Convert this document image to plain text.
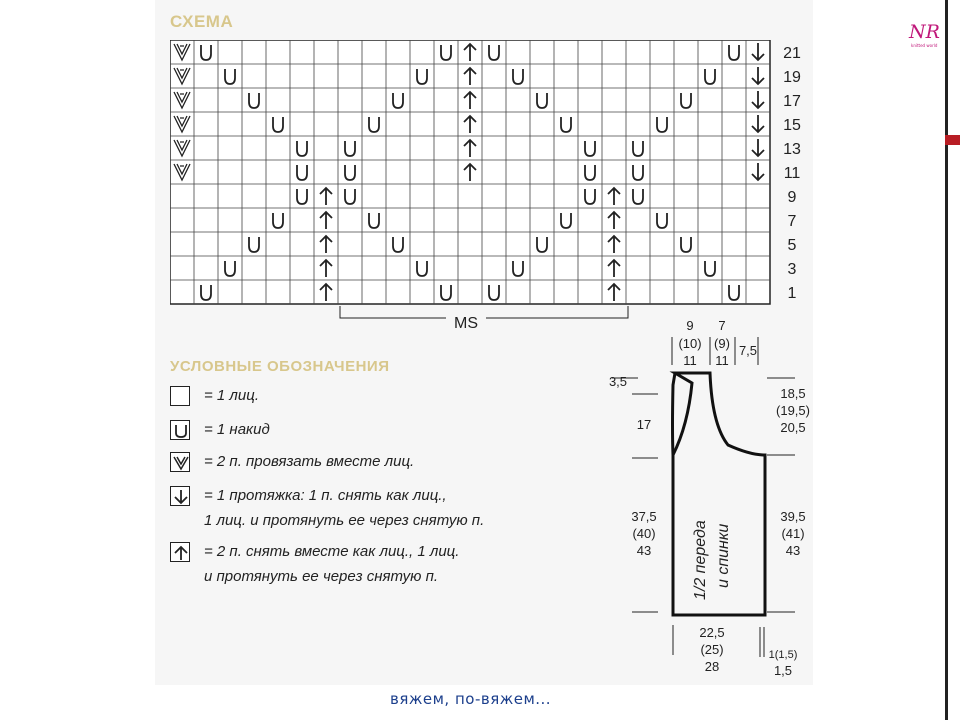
NR
knitted world
СХЕМА
21
19
17
15
13
11
9
7
5
3
1
MS
УСЛОВНЫЕ ОБОЗНАЧЕНИЯ
= 1 лиц.
= 1 накид
= 2 п. провязать вместе лиц.
= 1 протяжка: 1 п. снять как лиц.,
1 лиц. и протянуть ее через снятую п.
= 2 п. снять вместе как лиц., 1 лиц.
и протянуть ее через снятую п.
9
(10)
11
7
(9)
11
7,5
3,5
17
18,5
(19,5)
20,5
37,5
(40)
43
39,5
(41)
43
22,5
(25)
28
1(1,5)
1,5
1/2 переда и спинки
вяжем, по-вяжем...
